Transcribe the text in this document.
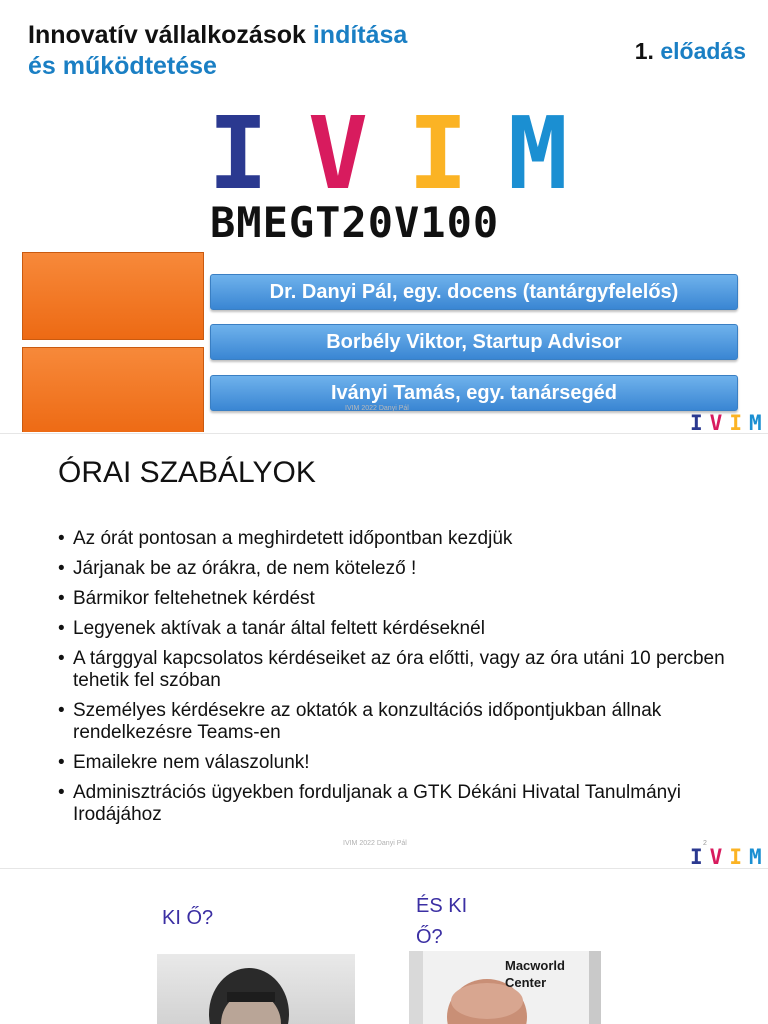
Innovatív vállalkozások indítása
és működtetése
1. előadás
I V I M
BMEGT20V100
Dr. Danyi Pál, egy. docens (tantárgyfelelős)
Borbély Viktor, Startup Advisor
Iványi Tamás, egy. tanársegéd
IVIM 2022 Danyi Pál
I V I M
ÓRAI SZABÁLYOK
• Az órát pontosan a meghirdetett időpontban kezdjük
• Járjanak be az órákra, de nem kötelező !
• Bármikor feltehetnek kérdést
• Legyenek aktívak a tanár által feltett kérdéseknél
• A tárggyal kapcsolatos kérdéseiket az óra előtti, vagy az óra utáni 10 percben tehetik fel szóban
• Személyes kérdésekre az oktatók a konzultációs időpontjukban állnak rendelkezésre Teams-en
• Emailekre nem válaszolunk!
• Adminisztrációs ügyekben forduljanak a GTK Dékáni Hivatal Tanulmányi Irodájához
IVIM 2022 Danyi Pál	2
I V I M
KI Ő?
ÉS KI Ő?
Macworld
Center
